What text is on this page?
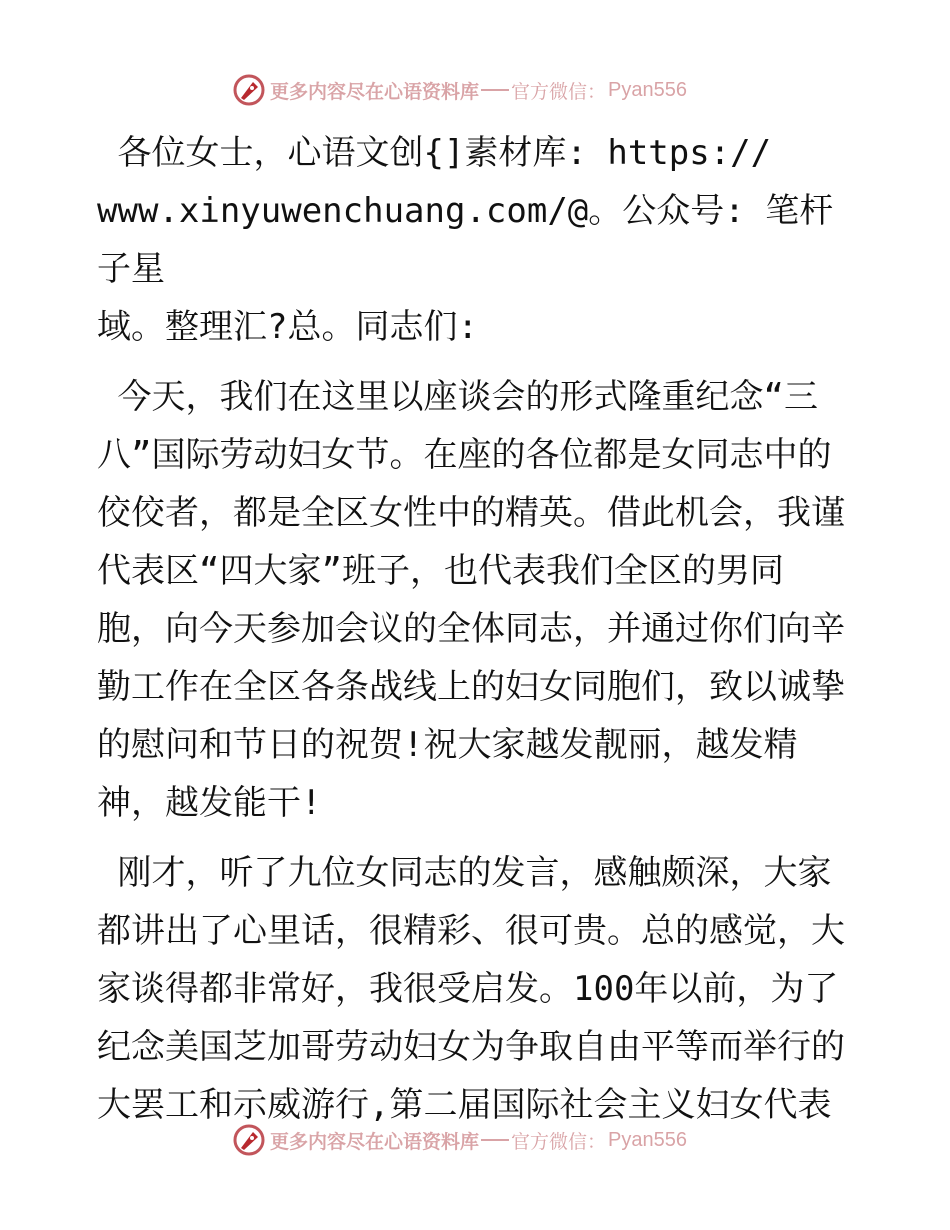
更多内容尽在心语资料库 官方微信： Pyan556

各位女士，心语文创{]素材库: https://
www.xinyuwenchuang.com/@。公众号: 笔杆子星
域。整理汇?总。同志们:

今天，我们在这里以座谈会的形式隆重纪念“三
八”国际劳动妇女节。在座的各位都是女同志中的
佼佼者，都是全区女性中的精英。借此机会，我谨
代表区“四大家”班子，也代表我们全区的男同
胞，向今天参加会议的全体同志，并通过你们向辛
勤工作在全区各条战线上的妇女同胞们，致以诚挚
的慰问和节日的祝贺!祝大家越发靓丽，越发精
神，越发能干!

刚才，听了九位女同志的发言，感触颇深，大家
都讲出了心里话，很精彩、很可贵。总的感觉，大
家谈得都非常好，我很受启发。100年以前，为了
纪念美国芝加哥劳动妇女为争取自由平等而举行的
大罢工和示威游行,第二届国际社会主义妇女代表

更多内容尽在心语资料库 官方微信： Pyan556
